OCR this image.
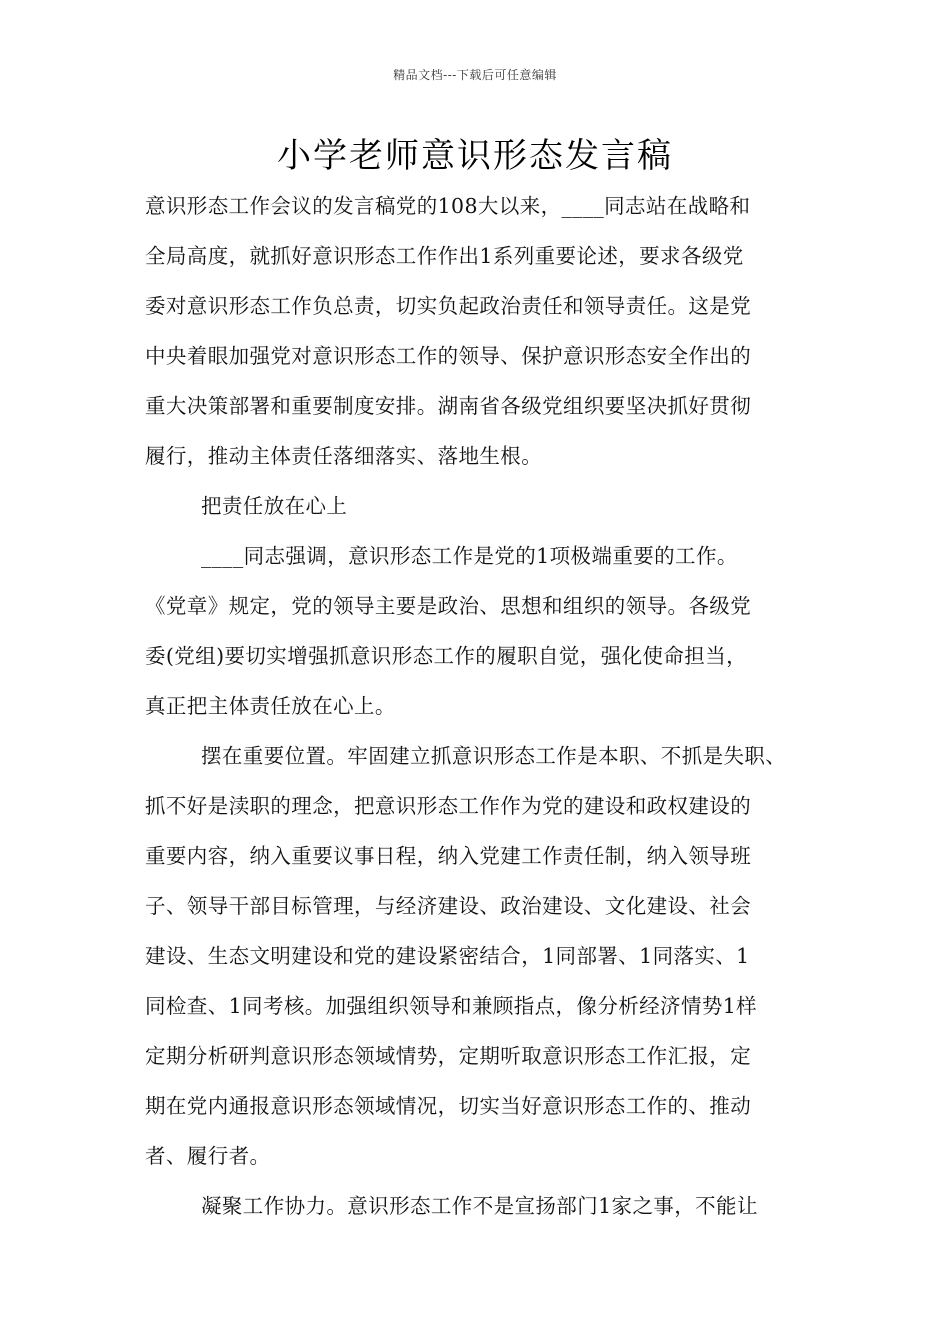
精品文档---下载后可任意编辑
小学老师意识形态发言稿
意识形态工作会议的发言稿党的108大以来，____同志站在战略和
全局高度，就抓好意识形态工作作出1系列重要论述，要求各级党
委对意识形态工作负总责，切实负起政治责任和领导责任。这是党
中央着眼加强党对意识形态工作的领导、保护意识形态安全作出的
重大决策部署和重要制度安排。湖南省各级党组织要坚决抓好贯彻
履行，推动主体责任落细落实、落地生根。
把责任放在心上
____同志强调，意识形态工作是党的1项极端重要的工作。
《党章》规定，党的领导主要是政治、思想和组织的领导。各级党
委(党组)要切实增强抓意识形态工作的履职自觉，强化使命担当，
真正把主体责任放在心上。
摆在重要位置。牢固建立抓意识形态工作是本职、不抓是失职、
抓不好是渎职的理念，把意识形态工作作为党的建设和政权建设的
重要内容，纳入重要议事日程，纳入党建工作责任制，纳入领导班
子、领导干部目标管理，与经济建设、政治建设、文化建设、社会
建设、生态文明建设和党的建设紧密结合，1同部署、1同落实、1
同检查、1同考核。加强组织领导和兼顾指点，像分析经济情势1样
定期分析研判意识形态领域情势，定期听取意识形态工作汇报，定
期在党内通报意识形态领域情况，切实当好意识形态工作的、推动
者、履行者。
凝聚工作协力。意识形态工作不是宣扬部门1家之事，不能让
